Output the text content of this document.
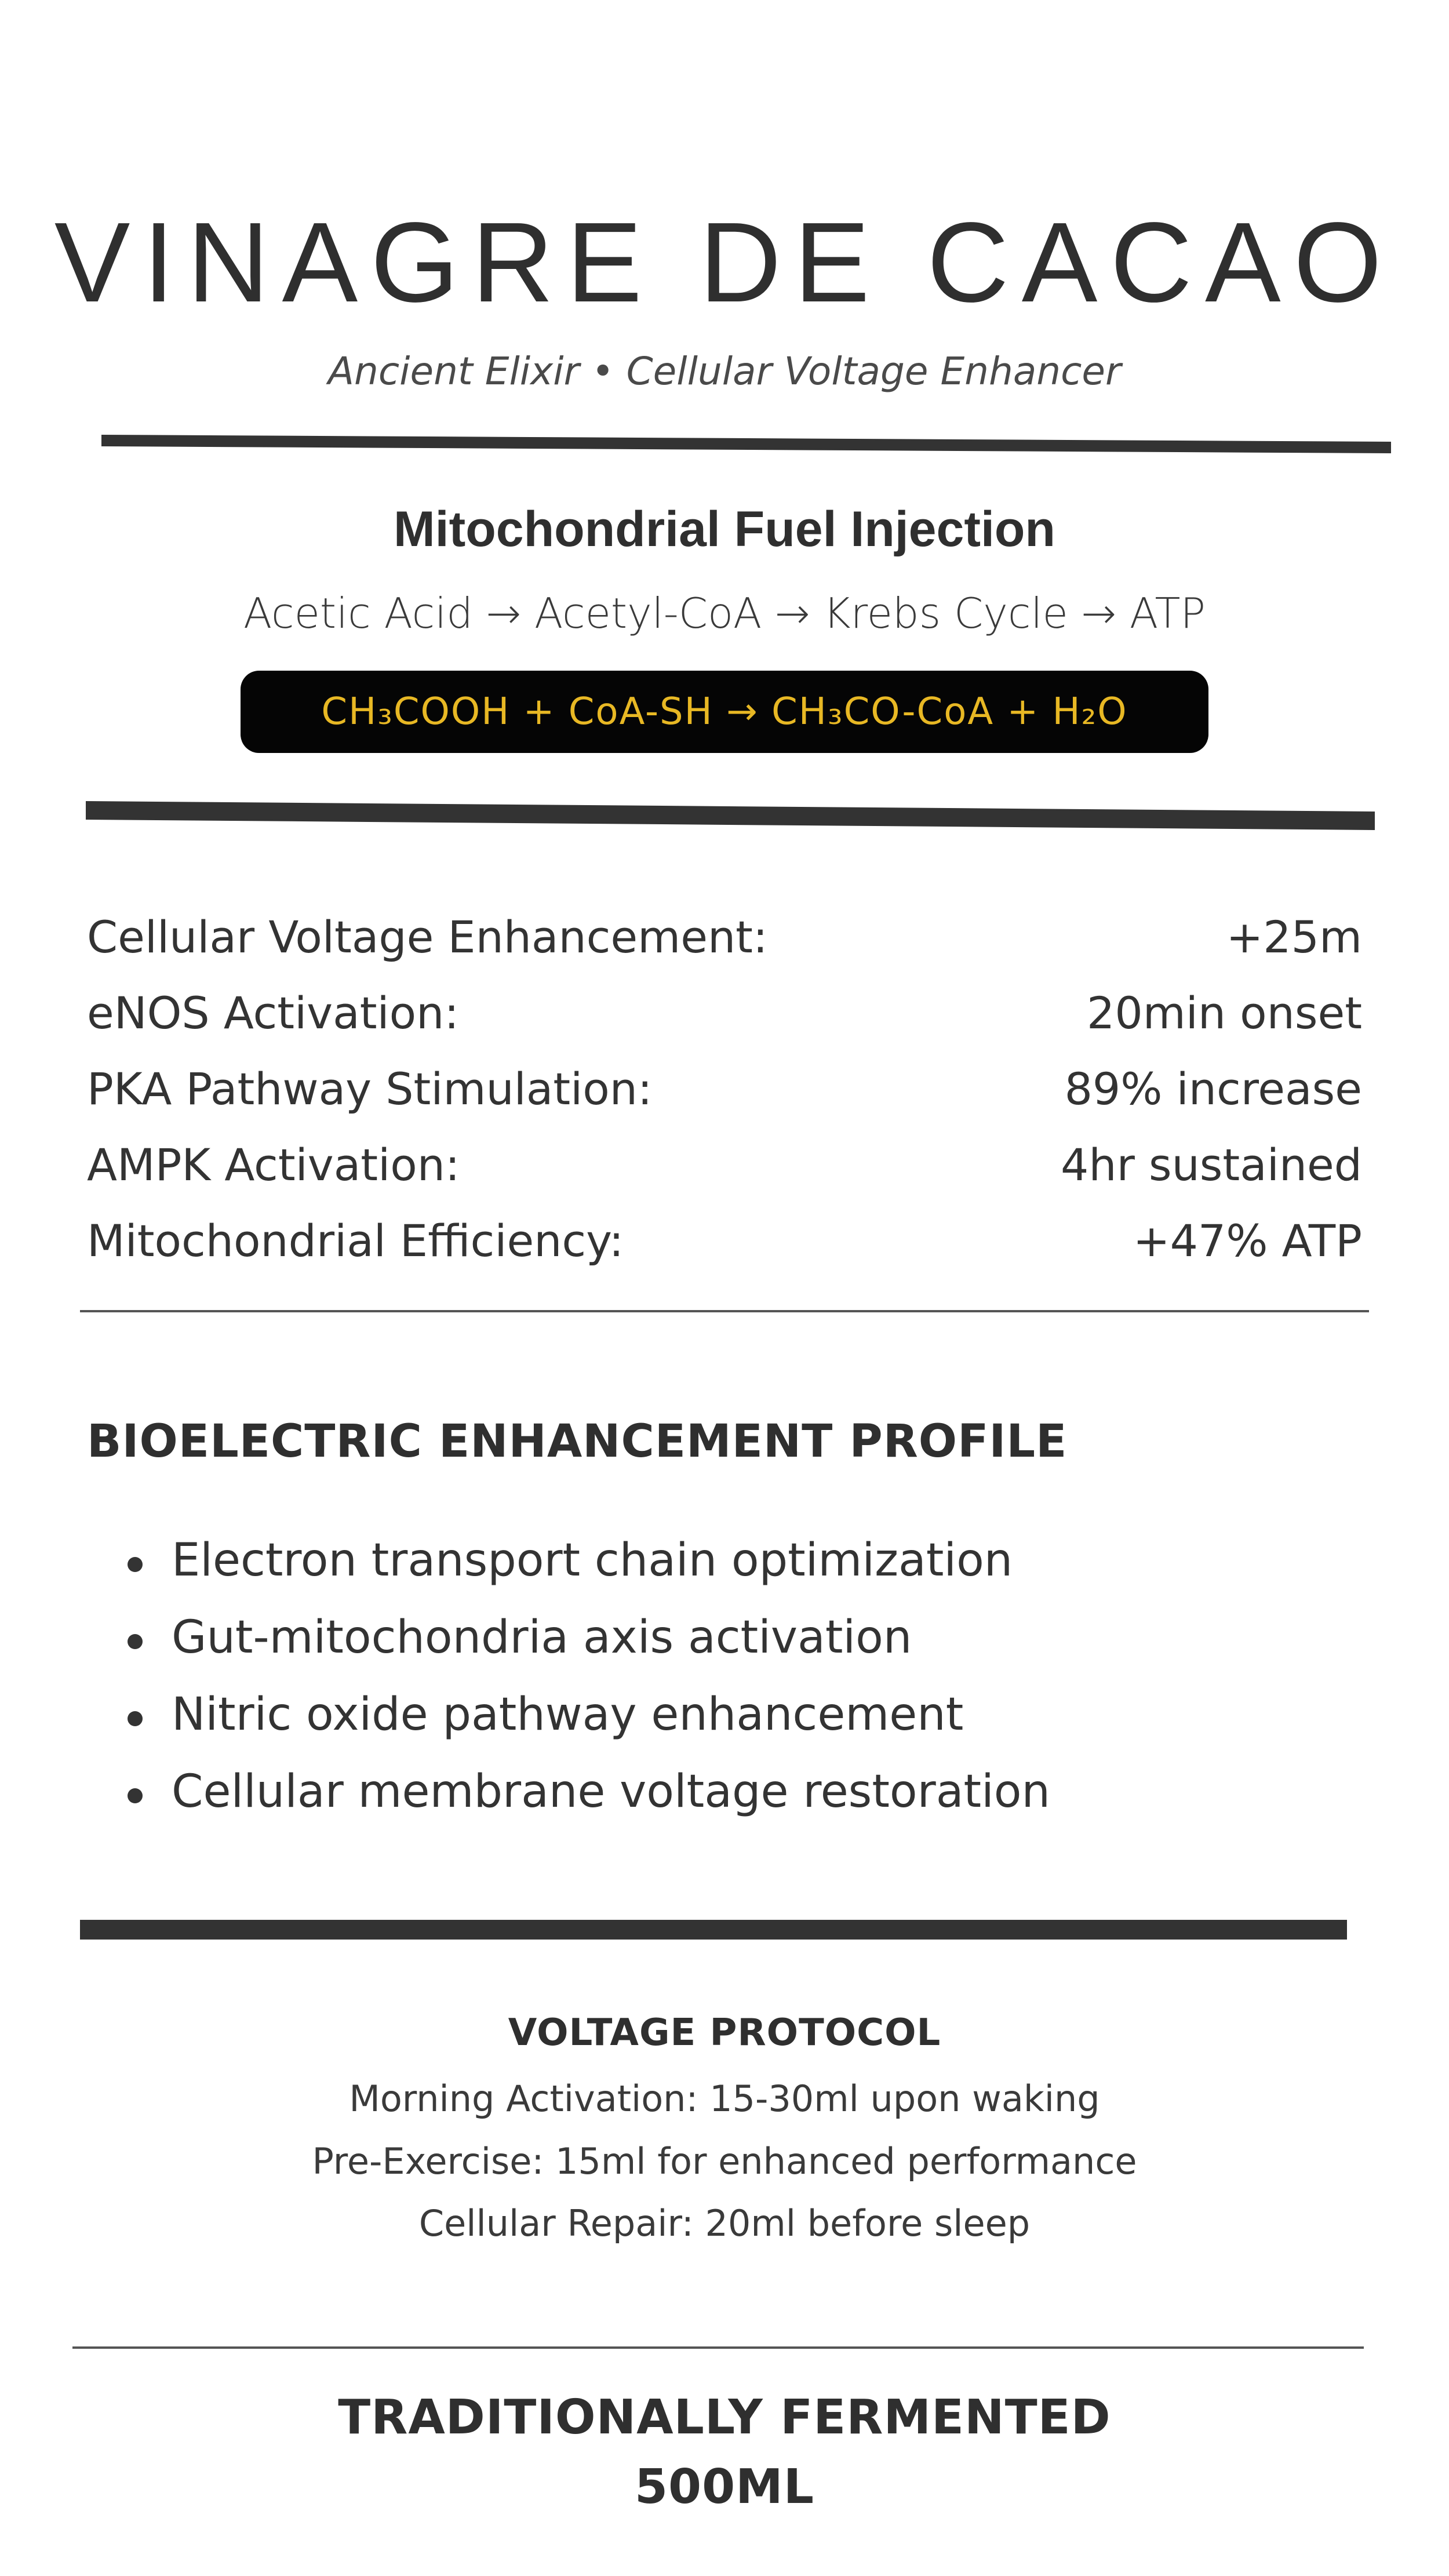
VINAGRE DE CACAO
Ancient Elixir • Cellular Voltage Enhancer
Mitochondrial Fuel Injection
Acetic Acid → Acetyl-CoA → Krebs Cycle → ATP
CH₃COOH + CoA-SH → CH₃CO-CoA + H₂O
Cellular Voltage Enhancement:	+25m
eNOS Activation:	20min onset
PKA Pathway Stimulation:	89% increase
AMPK Activation:	4hr sustained
Mitochondrial Efficiency:	+47% ATP
BIOELECTRIC ENHANCEMENT PROFILE
Electron transport chain optimization
Gut-mitochondria axis activation
Nitric oxide pathway enhancement
Cellular membrane voltage restoration
VOLTAGE PROTOCOL
Morning Activation: 15-30ml upon waking
Pre-Exercise: 15ml for enhanced performance
Cellular Repair: 20ml before sleep
TRADITIONALLY FERMENTED
500ML
